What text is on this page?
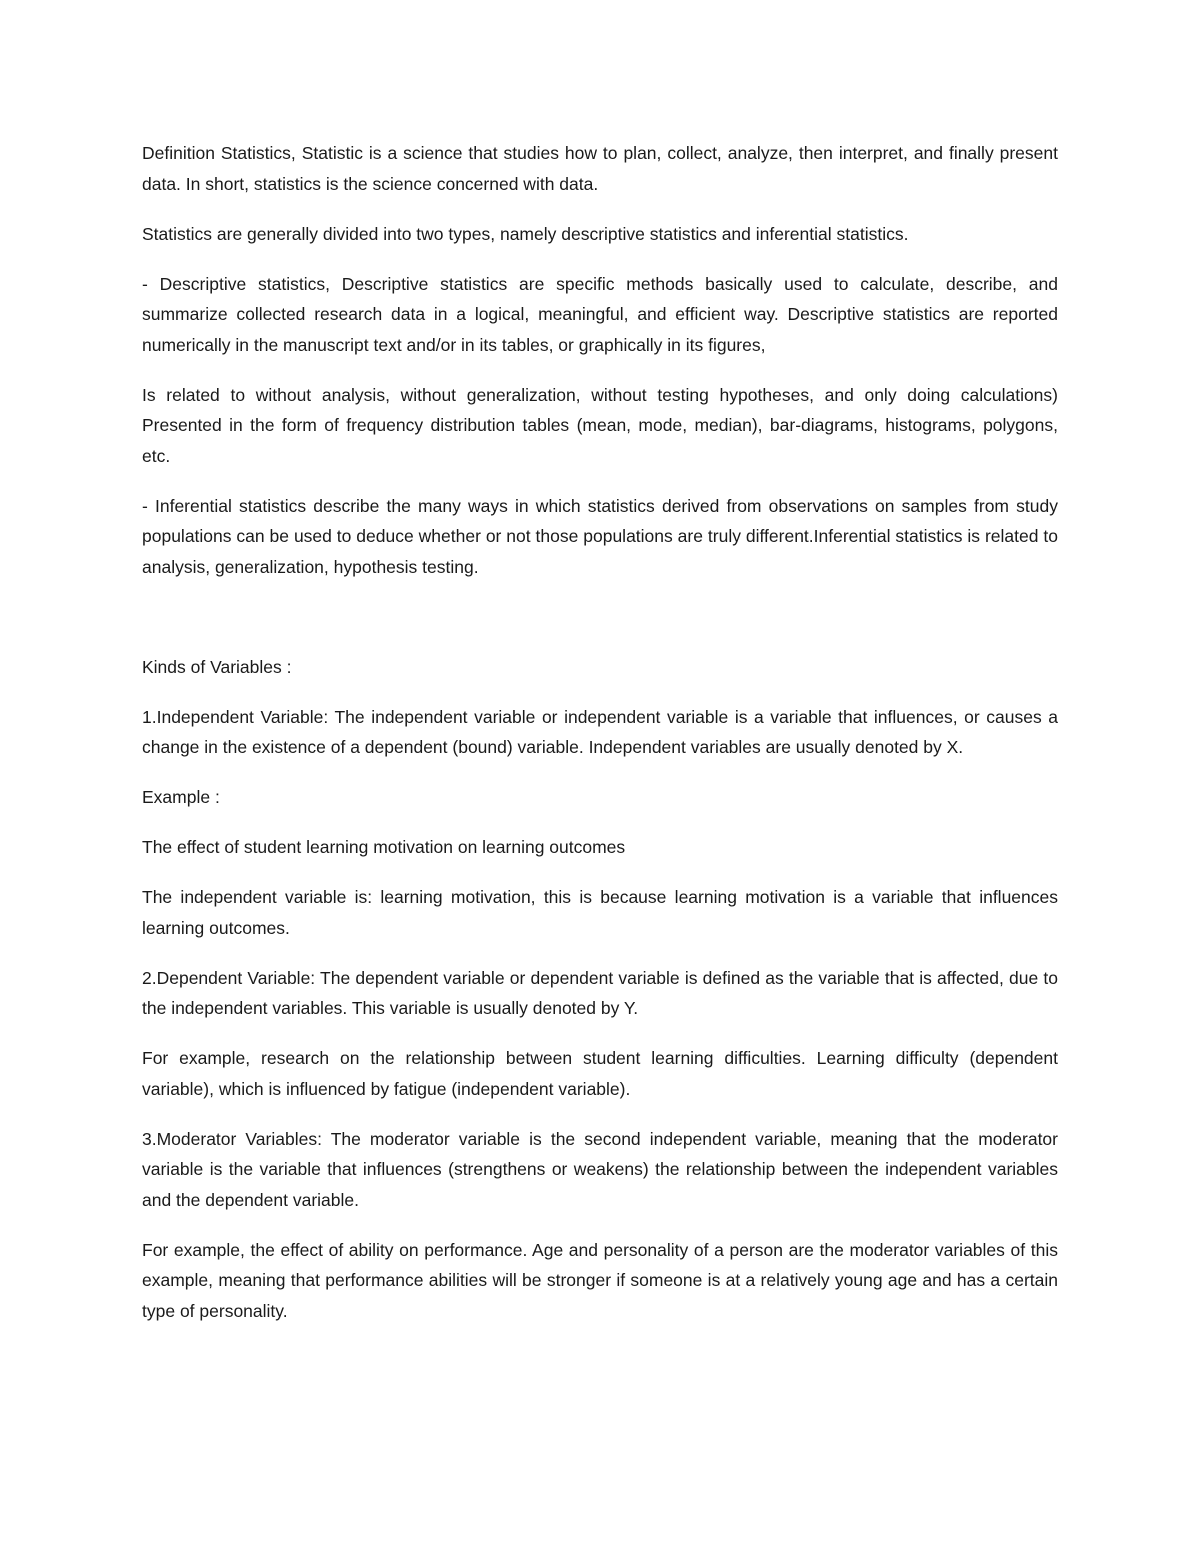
Definition Statistics, Statistic is a science that studies how to plan, collect, analyze, then interpret, and finally present data. In short, statistics is the science concerned with data.

Statistics are generally divided into two types, namely descriptive statistics and inferential statistics.

- Descriptive statistics, Descriptive statistics are specific methods basically used to calculate, describe, and summarize collected research data in a logical, meaningful, and efficient way. Descriptive statistics are reported numerically in the manuscript text and/or in its tables, or graphically in its figures,

Is related to without analysis, without generalization, without testing hypotheses, and only doing calculations) Presented in the form of frequency distribution tables (mean, mode, median), bar-diagrams, histograms, polygons, etc.

- Inferential statistics describe the many ways in which statistics derived from observations on samples from study populations can be used to deduce whether or not those populations are truly different.Inferential statistics is related to analysis, generalization, hypothesis testing.

Kinds of Variables :

1.Independent Variable: The independent variable or independent variable is a variable that influences, or causes a change in the existence of a dependent (bound) variable. Independent variables are usually denoted by X.

Example :

The effect of student learning motivation on learning outcomes

The independent variable is: learning motivation, this is because learning motivation is a variable that influences learning outcomes.

2.Dependent Variable: The dependent variable or dependent variable is defined as the variable that is affected, due to the independent variables. This variable is usually denoted by Y.

For example, research on the relationship between student learning difficulties. Learning difficulty (dependent variable), which is influenced by fatigue (independent variable).

3.Moderator Variables: The moderator variable is the second independent variable, meaning that the moderator variable is the variable that influences (strengthens or weakens) the relationship between the independent variables and the dependent variable.

For example, the effect of ability on performance. Age and personality of a person are the moderator variables of this example, meaning that performance abilities will be stronger if someone is at a relatively young age and has a certain type of personality.
